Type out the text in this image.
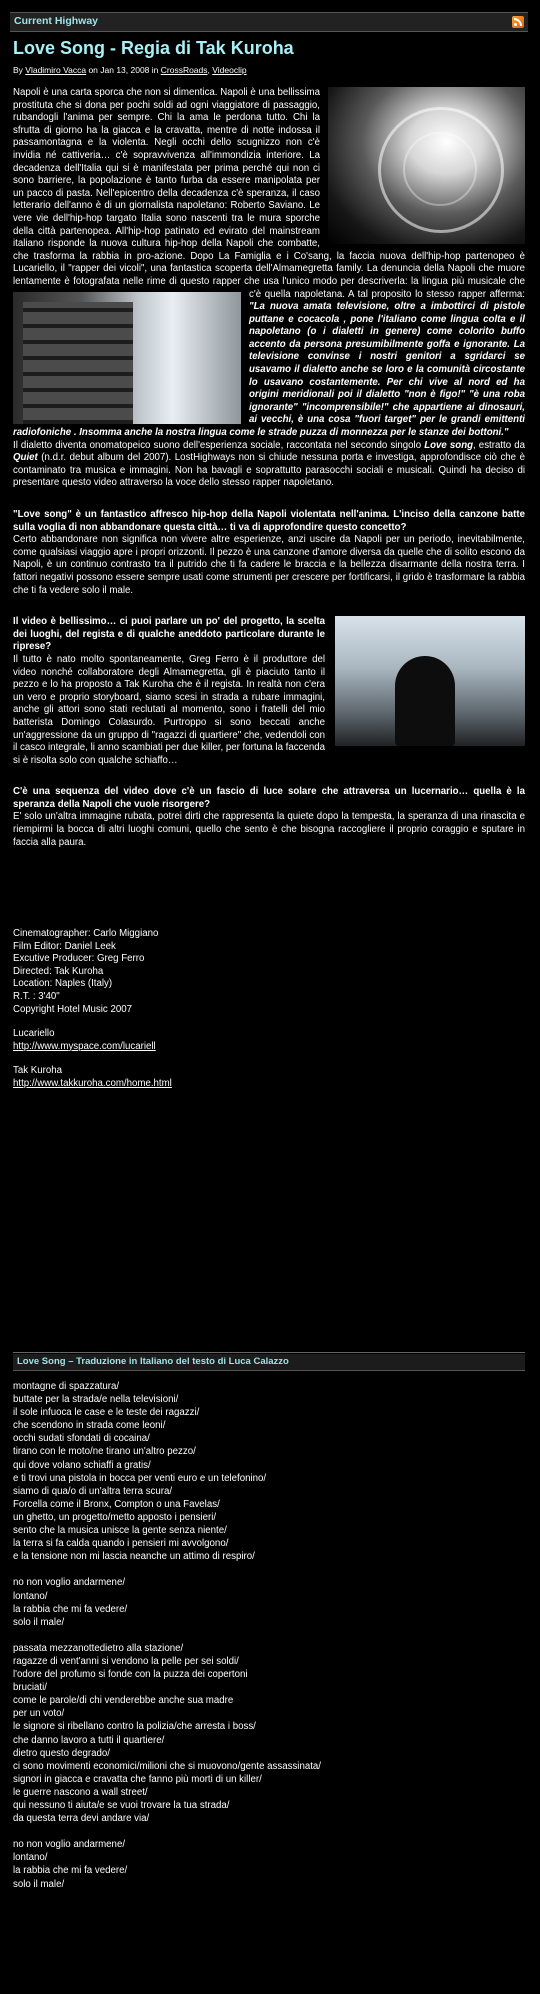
Current Highway
Love Song - Regia di Tak Kuroha
By Vladimiro Vacca on Jan 13, 2008 in CrossRoads, Videoclip

Napoli è una carta sporca che non si dimentica. Napoli è una bellissima prostituta che si dona per pochi soldi ad ogni viaggiatore di passaggio, rubandogli l'anima per sempre. Chi la ama le perdona tutto. Chi la sfrutta di giorno ha la giacca e la cravatta, mentre di notte indossa il passamontagna e la violenta. Negli occhi dello scugnizzo non c'è invidia né cattiveria… c'è sopravvivenza all'immondizia interiore. La decadenza dell'Italia qui si è manifestata per prima perché qui non ci sono barriere, la popolazione è tanto furba da essere manipolata per un pacco di pasta. Nell'epicentro della decadenza c'è speranza, il caso letterario dell'anno è di un giornalista napoletano: Roberto Saviano. Le vere vie dell'hip-hop targato Italia sono nascenti tra le mura sporche della città partenopea. All'hip-hop patinato ed evirato del mainstream italiano risponde la nuova cultura hip-hop della Napoli che combatte, che trasforma la rabbia in pro-azione. Dopo La Famiglia e i Co'sang, la faccia nuova dell'hip-hop partenopeo è Lucariello, il "rapper dei vicoli", una fantastica scoperta dell'Almamegretta family. La denuncia della Napoli che muore lentamente è fotografata nelle rime di questo rapper che usa l'unico modo per descriverla: la lingua più musicale che c'è quella napoletana. A tal proposito lo stesso rapper afferma:
"La nuova amata televisione, oltre a imbottirci di pistole puttane e cocacola , pone l'italiano come lingua colta e il napoletano (o i dialetti in genere) come colorito buffo accento da persona presumibilmente goffa e ignorante. La televisione convinse i nostri genitori a sgridarci se usavamo il dialetto anche se loro e la comunità circostante lo usavano costantemente. Per chi vive al nord ed ha origini meridionali poi il dialetto "non è figo!" "è una roba ignorante" "incomprensibile!" che appartiene ai dinosauri, ai vecchi, è una cosa "fuori target" per le grandi emittenti radiofoniche . Insomma anche la nostra lingua come le strade puzza di monnezza per le stanze dei bottoni."
Il dialetto diventa onomatopeico suono dell'esperienza sociale, raccontata nel secondo singolo Love song, estratto da Quiet (n.d.r. debut album del 2007). LostHighways non si chiude nessuna porta e investiga, approfondisce ciò che è contaminato tra musica e immagini. Non ha bavagli e soprattutto parasocchi sociali e musicali. Quindi ha deciso di presentare questo video attraverso la voce dello stesso rapper napoletano.

"Love song" è un fantastico affresco hip-hop della Napoli violentata nell'anima. L'inciso della canzone batte sulla voglia di non abbandonare questa città… ti va di approfondire questo concetto?
Certo abbandonare non significa non vivere altre esperienze, anzi uscire da Napoli per un periodo, inevitabilmente, come qualsiasi viaggio apre i propri orizzonti. Il pezzo è una canzone d'amore diversa da quelle che di solito escono da Napoli, è un continuo contrasto tra il putrido che ti fa cadere le braccia e la bellezza disarmante della nostra terra. I fattori negativi possono essere sempre usati come strumenti per crescere per fortificarsi, il grido è trasformare la rabbia che ti fa vedere solo il male.

Il video è bellissimo… ci puoi parlare un po' del progetto, la scelta dei luoghi, del regista e di qualche aneddoto particolare durante le riprese?
Il tutto è nato molto spontaneamente, Greg Ferro è il produttore del video nonché collaboratore degli Almamegretta, gli è piaciuto tanto il pezzo e lo ha proposto a Tak Kuroha che è il regista. In realtà non c'era un vero e proprio storyboard, siamo scesi in strada a rubare immagini, anche gli attori sono stati reclutati al momento, sono i fratelli del mio batterista Domingo Colasurdo. Purtroppo si sono beccati anche un'aggressione da un gruppo di "ragazzi di quartiere" che, vedendoli con il casco integrale, li anno scambiati per due killer, per fortuna la faccenda si è risolta solo con qualche schiaffo…

C'è una sequenza del video dove c'è un fascio di luce solare che attraversa un lucernario… quella è la speranza della Napoli che vuole risorgere?
E' solo un'altra immagine rubata, potrei dirti che rappresenta la quiete dopo la tempesta, la speranza di una rinascita e riempirmi la bocca di altri luoghi comuni, quello che sento è che bisogna raccogliere il proprio coraggio e sputare in faccia alla paura.

Cinematographer: Carlo Miggiano
Film Editor: Daniel Leek
Excutive Producer: Greg Ferro
Directed: Tak Kuroha
Location: Naples (Italy)
R.T. : 3'40"
Copyright Hotel Music 2007
Lucariello
http://www.myspace.com/lucariell
Tak Kuroha
http://www.takkuroha.com/home.html
Love Song – Traduzione in Italiano del testo di Luca Calazzo
montagne di spazzatura/
buttate per la strada/e nella televisioni/
il sole infuoca le case e le teste dei ragazzi/
che scendono in strada come leoni/
occhi sudati sfondati di cocaina/
tirano con le moto/ne tirano un'altro pezzo/
qui dove volano schiaffi a gratis/
e ti trovi una pistola in bocca per venti euro e un telefonino/
siamo di qua/o di un'altra terra scura/
Forcella come il Bronx, Compton o una Favelas/
un ghetto, un progetto/metto apposto i pensieri/
sento che la musica unisce la gente senza niente/
la terra si fa calda quando i pensieri mi avvolgono/
e la tensione non mi lascia neanche un attimo di respiro/
no non voglio andarmene/
lontano/
la rabbia che mi fa vedere/
solo il male/
passata mezzanottedietro alla stazione/
ragazze di vent'anni si vendono la pelle per sei soldi/
l'odore del profumo si fonde con la puzza dei copertoni
bruciati/
come le parole/di chi venderebbe anche sua madre
per un voto/
le signore si ribellano contro la polizia/che arresta i boss/
che danno lavoro a tutti il quartiere/
dietro questo degrado/
ci sono movimenti economici/milioni che si muovono/gente assassinata/
signori in giacca e cravatta che fanno più morti di un killer/
le guerre nascono a wall street/
qui nessuno ti aiuta/e se vuoi trovare la tua strada/
da questa terra devi andare via/
no non voglio andarmene/
lontano/
la rabbia che mi fa vedere/
solo il male/
